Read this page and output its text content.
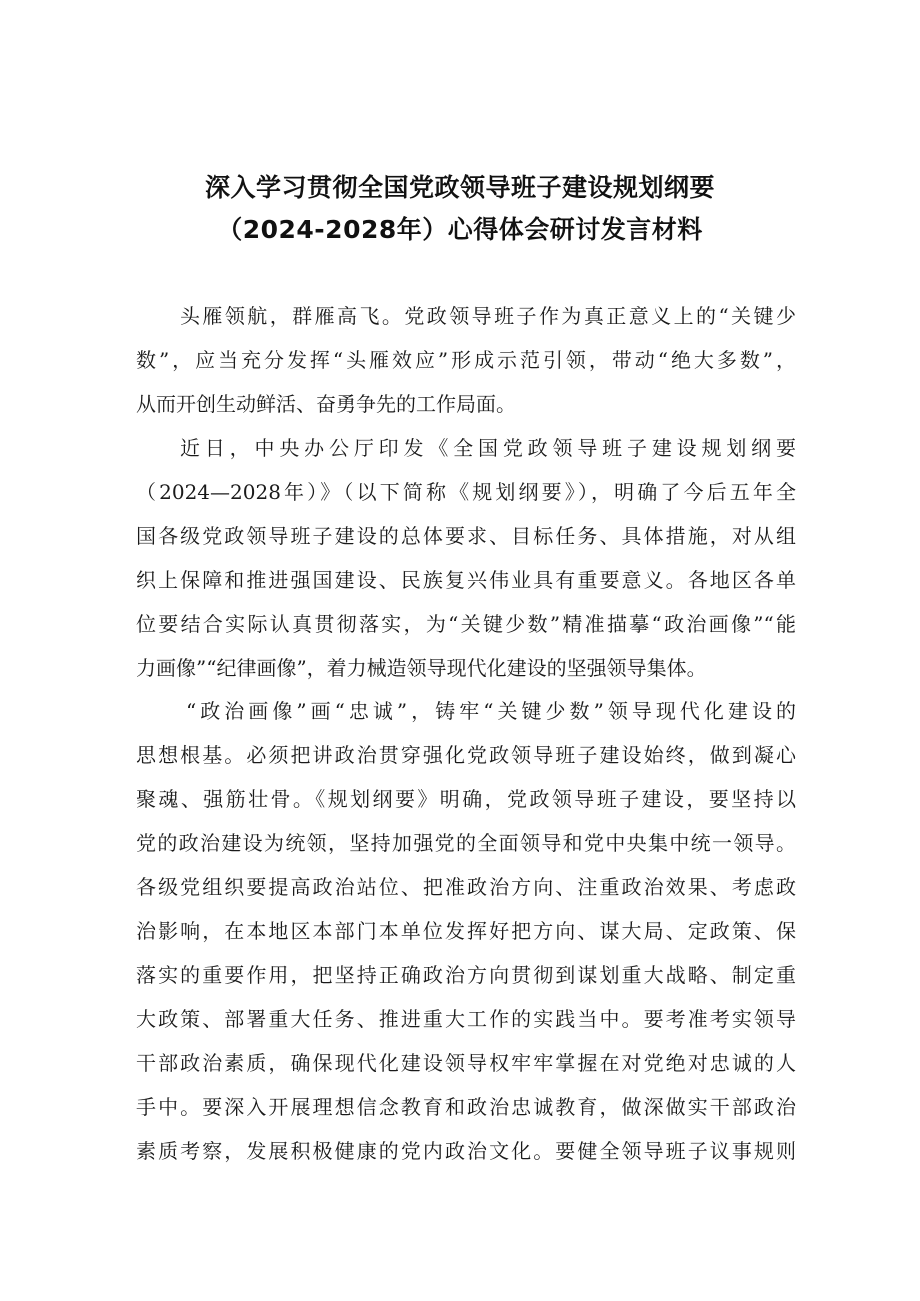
深入学习贯彻全国党政领导班子建设规划纲要
（2024-2028年）心得体会研讨发言材料
头雁领航，群雁高飞。党政领导班子作为真正意义上的“关键少
数”，应当充分发挥“头雁效应”形成示范引领，带动“绝大多数”，
从而开创生动鲜活、奋勇争先的工作局面。
近日，中央办公厅印发《全国党政领导班子建设规划纲要
（2024—2028年）》（以下简称《规划纲要》），明确了今后五年全
国各级党政领导班子建设的总体要求、目标任务、具体措施，对从组
织上保障和推进强国建设、民族复兴伟业具有重要意义。各地区各单
位要结合实际认真贯彻落实，为“关键少数”精准描摹“政治画像”“能
力画像”“纪律画像”，着力械造领导现代化建设的坚强领导集体。
“政治画像”画“忠诚”，铸牢“关键少数”领导现代化建设的
思想根基。必须把讲政治贯穿强化党政领导班子建设始终，做到凝心
聚魂、强筋壮骨。《规划纲要》明确，党政领导班子建设，要坚持以
党的政治建设为统领，坚持加强党的全面领导和党中央集中统一领导。
各级党组织要提高政治站位、把准政治方向、注重政治效果、考虑政
治影响，在本地区本部门本单位发挥好把方向、谋大局、定政策、保
落实的重要作用，把坚持正确政治方向贯彻到谋划重大战略、制定重
大政策、部署重大任务、推进重大工作的实践当中。要考准考实领导
干部政治素质，确保现代化建设领导权牢牢掌握在对党绝对忠诚的人
手中。要深入开展理想信念教育和政治忠诚教育，做深做实干部政治
素质考察，发展积极健康的党内政治文化。要健全领导班子议事规则
